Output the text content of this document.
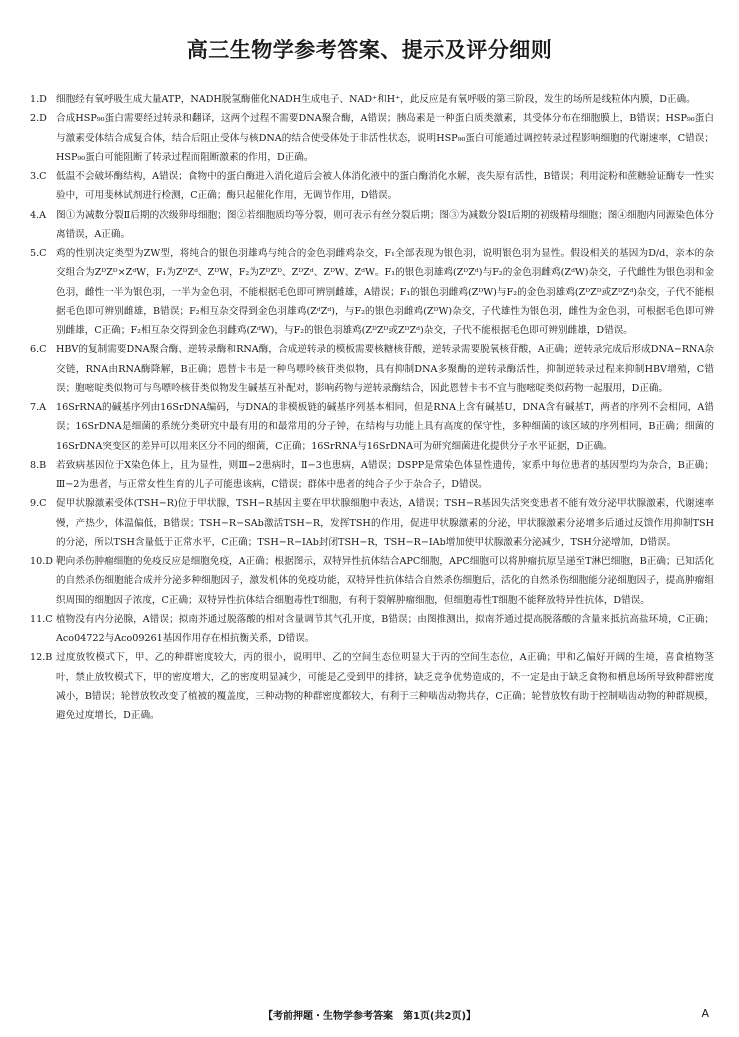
高三生物学参考答案、提示及评分细则
1.D 细胞经有氧呼吸生成大量ATP，NADH脱氢酶催化NADH生成电子、NAD⁺和H⁺，此反应是有氧呼吸的第三阶段，发生的场所是线粒体内膜，D正确。
2.D 合成HSP₉₀蛋白需要经过转录和翻译，这两个过程不需要DNA聚合酶，A错误；胰岛素是一种蛋白质类激素，其受体分布在细胞膜上，B错误；HSP₉₀蛋白与激素受体结合成复合体，结合后阻止受体与核DNA的结合使受体处于非活性状态，说明HSP₉₀蛋白可能通过调控转录过程影响细胞的代谢速率，C错误；HSP₉₀蛋白可能阻断了转录过程而阻断激素的作用，D正确。
3.C 低温不会破坏酶结构，A错误；食物中的蛋白酶进入消化道后会被人体消化液中的蛋白酶消化水解，丧失原有活性，B错误；利用淀粉和蔗糖验证酶专一性实验中，可用斐林试剂进行检测，C正确；酶只起催化作用，无调节作用，D错误。
4.A 图①为减数分裂Ⅱ后期的次级卵母细胞；图②若细胞质均等分裂，则可表示有丝分裂后期；图③为减数分裂Ⅰ后期的初级精母细胞；图④细胞内同源染色体分离错误，A正确。
5.C 鸡的性别决定类型为ZW型，将纯合的银色羽雄鸡与纯合的金色羽雌鸡杂交，F₁全部表现为银色羽，说明银色羽为显性。假设相关的基因为D/d，亲本的杂交组合为ZᴰZᴰ×ZᵈW，F₁为ZᴰZᵈ、ZᴰW，F₂为ZᴰZᴰ、ZᴰZᵈ、ZᴰW、ZᵈW。F₁的银色羽雄鸡(ZᴰZᵈ)与F₂的金色羽雌鸡(ZᵈW)杂交，子代雌性为银色羽和金色羽，雌性一半为银色羽，一半为金色羽，不能根据毛色即可辨别雌雄，A错误；F₁的银色羽雌鸡(ZᴰW)与F₂的金色羽雄鸡(ZᴰZᴰ或ZᴰZᵈ)杂交，子代不能根据毛色即可辨别雌雄，B错误；F₂相互杂交得到金色羽雄鸡(ZᵈZᵈ)，与F₂的银色羽雌鸡(ZᴰW)杂交，子代雄性为银色羽，雌性为金色羽，可根据毛色即可辨别雌雄，C正确；F₂相互杂交得到金色羽雌鸡(ZᵈW)，与F₂的银色羽雄鸡(ZᴰZᴰ或ZᴰZᵈ)杂交，子代不能根据毛色即可辨别雌雄，D错误。
6.C HBV的复制需要DNA聚合酶、逆转录酶和RNA酶，合成逆转录的模板需要核糖核苷酸，逆转录需要脱氧核苷酸，A正确；逆转录完成后形成DNA−RNA杂交链，RNA由RNA酶降解，B正确；恩替卡韦是一种鸟嘌呤核苷类似物，具有抑制DNA多聚酶的逆转录酶活性，抑制逆转录过程来抑制HBV增殖，C错误；胞嘧啶类似物可与鸟嘌呤核苷类似物发生碱基互补配对，影响药物与逆转录酶结合，因此恩替卡韦不宜与胞嘧啶类似药物一起服用，D正确。
7.A 16SrRNA的碱基序列由16SrDNA编码，与DNA的非模板链的碱基序列基本相同，但是RNA上含有碱基U，DNA含有碱基T，两者的序列不会相同，A错误；16SrDNA是细菌的系统分类研究中最有用的和最常用的分子钟，在结构与功能上具有高度的保守性，多种细菌的该区域的序列相同，B正确；细菌的16SrDNA突变区的差异可以用来区分不同的细菌，C正确；16SrRNA与16SrDNA可为研究细菌进化提供分子水平证据，D正确。
8.B 若致病基因位于X染色体上，且为显性，则Ⅲ−2患病时，Ⅱ−3也患病，A错误；DSPP是常染色体显性遗传，家系中每位患者的基因型均为杂合，B正确；Ⅲ−2为患者，与正常女性生育的儿子可能患该病，C错误；群体中患者的纯合子少于杂合子，D错误。
9.C 促甲状腺激素受体(TSH−R)位于甲状腺，TSH−R基因主要在甲状腺细胞中表达，A错误；TSH−R基因失活突变患者不能有效分泌甲状腺激素，代谢速率慢，产热少，体温偏低，B错误；TSH−R−SAb激活TSH−R，发挥TSH的作用，促进甲状腺激素的分泌，甲状腺激素分泌增多后通过反馈作用抑制TSH的分泌，所以TSH含量低于正常水平，C正确；TSH−R−IAb封闭TSH−R，TSH−R−IAb增加使甲状腺激素分泌减少，TSH分泌增加，D错误。
10.D 靶向杀伤肿瘤细胞的免疫反应是细胞免疫，A正确；根据图示，双特异性抗体结合APC细胞，APC细胞可以将肿瘤抗原呈递至T淋巴细胞，B正确；已知活化的自然杀伤细胞能合成并分泌多种细胞因子，激发机体的免疫功能，双特异性抗体结合自然杀伤细胞后，活化的自然杀伤细胞能分泌细胞因子，提高肿瘤组织周围的细胞因子浓度，C正确；双特异性抗体结合细胞毒性T细胞，有利于裂解肿瘤细胞，但细胞毒性T细胞不能释放特异性抗体，D错误。
11.C 植物没有内分泌腺，A错误；拟南芥通过脱落酸的相对含量调节其气孔开度，B错误；由图推测出，拟南芥通过提高脱落酸的含量来抵抗高盐环境，C正确；Aco04722与Aco09261基因作用存在相抗衡关系，D错误。
12.B 过度放牧模式下，甲、乙的种群密度较大，丙的很小，说明甲、乙的空间生态位明显大于丙的空间生态位，A正确；甲和乙偏好开阔的生境，喜食植物茎叶，禁止放牧模式下，甲的密度增大，乙的密度明显减少，可能是乙受到甲的排挤，缺乏竞争优势造成的，不一定是由于缺乏食物和栖息场所导致种群密度减小，B错误；轮替放牧改变了植被的覆盖度，三种动物的种群密度都较大，有利于三种啮齿动物共存，C正确；轮替放牧有助于控制啮齿动物的种群规模，避免过度增长，D正确。
【考前押题・生物学参考答案　第1页(共2页)】	A
